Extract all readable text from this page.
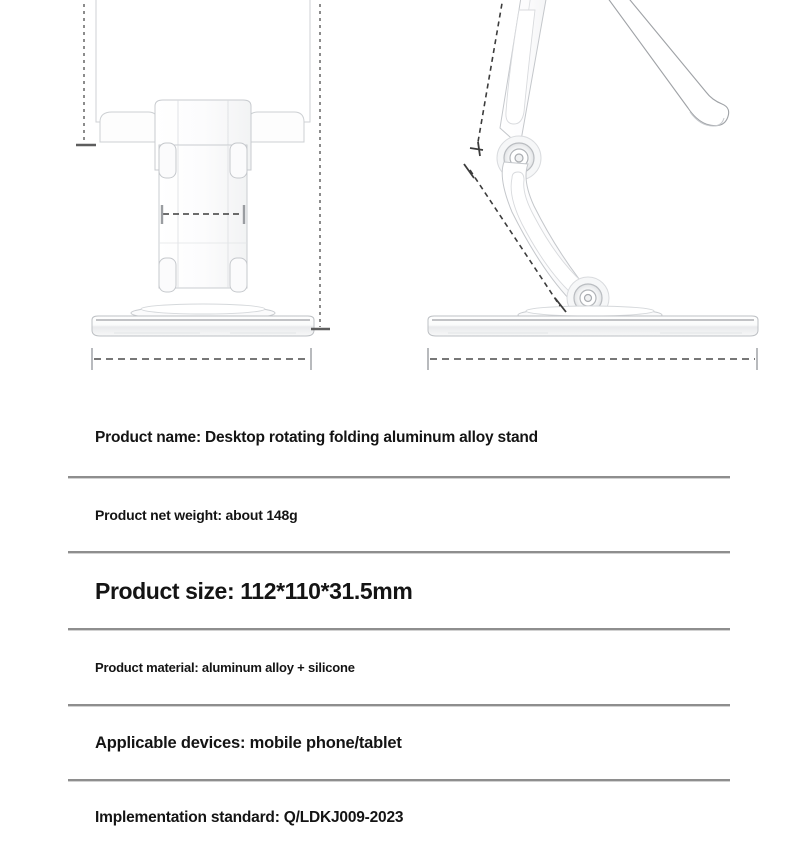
Product name: Desktop rotating folding aluminum alloy stand
Product net weight: about 148g
Product size: 112*110*31.5mm
Product material: aluminum alloy + silicone
Applicable devices: mobile phone/tablet
Implementation standard: Q/LDKJ009-2023
